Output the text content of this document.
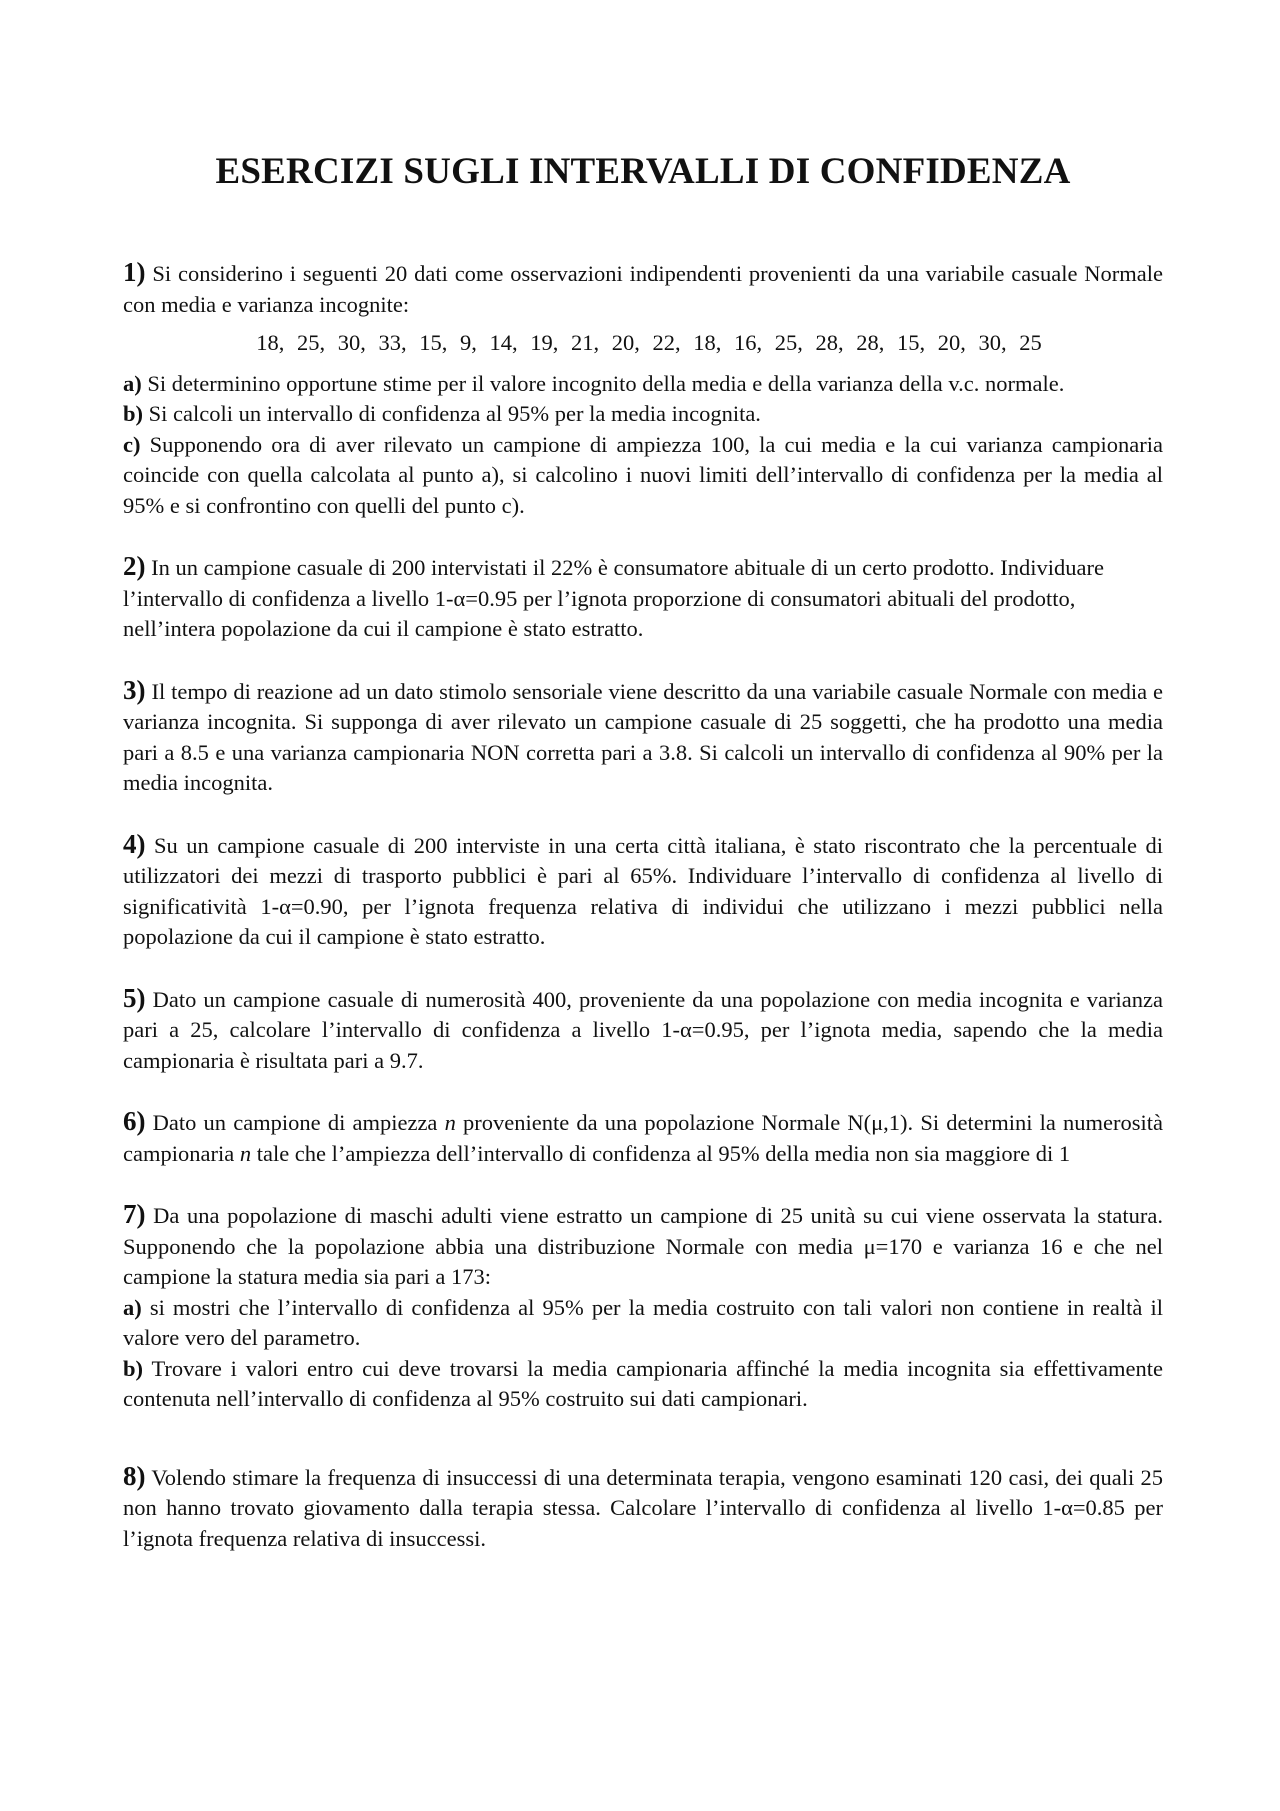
ESERCIZI SUGLI INTERVALLI DI CONFIDENZA

1) Si considerino i seguenti 20 dati come osservazioni indipendenti provenienti da una variabile casuale Normale con media e varianza incognite:

18, 25, 30, 33, 15, 9, 14, 19, 21, 20, 22, 18, 16, 25, 28, 28, 15, 20, 30, 25

a) Si determinino opportune stime per il valore incognito della media e della varianza della v.c. normale.

b) Si calcoli un intervallo di confidenza al 95% per la media incognita.

c) Supponendo ora di aver rilevato un campione di ampiezza 100, la cui media e la cui varianza campionaria coincide con quella calcolata al punto a), si calcolino i nuovi limiti dell’intervallo di confidenza per la media al 95% e si confrontino con quelli del punto c).

2) In un campione casuale di 200 intervistati il 22% è consumatore abituale di un certo prodotto. Individuare l’intervallo di confidenza a livello 1-α=0.95 per l’ignota proporzione di consumatori abituali del prodotto, nell’intera popolazione da cui il campione è stato estratto.

3) Il tempo di reazione ad un dato stimolo sensoriale viene descritto da una variabile casuale Normale con media e varianza incognita. Si supponga di aver rilevato un campione casuale di 25 soggetti, che ha prodotto una media pari a 8.5 e una varianza campionaria NON corretta pari a 3.8. Si calcoli un intervallo di confidenza al 90% per la media incognita.

4) Su un campione casuale di 200 interviste in una certa città italiana, è stato riscontrato che la percentuale di utilizzatori dei mezzi di trasporto pubblici è pari al 65%. Individuare l’intervallo di confidenza al livello di significatività 1-α=0.90, per l’ignota frequenza relativa di individui che utilizzano i mezzi pubblici nella popolazione da cui il campione è stato estratto.

5) Dato un campione casuale di numerosità 400, proveniente da una popolazione con media incognita e varianza pari a 25, calcolare l’intervallo di confidenza a livello 1-α=0.95, per l’ignota media, sapendo che la media campionaria è risultata pari a 9.7.

6) Dato un campione di ampiezza n proveniente da una popolazione Normale N(μ,1). Si determini la numerosità campionaria n tale che l’ampiezza dell’intervallo di confidenza al 95% della media non sia maggiore di 1

7) Da una popolazione di maschi adulti viene estratto un campione di 25 unità su cui viene osservata la statura. Supponendo che la popolazione abbia una distribuzione Normale con media μ=170 e varianza 16 e che nel campione la statura media sia pari a 173:

a) si mostri che l’intervallo di confidenza al 95% per la media costruito con tali valori non contiene in realtà il valore vero del parametro.

b) Trovare i valori entro cui deve trovarsi la media campionaria affinché la media incognita sia effettivamente contenuta nell’intervallo di confidenza al 95% costruito sui dati campionari.

8) Volendo stimare la frequenza di insuccessi di una determinata terapia, vengono esaminati 120 casi, dei quali 25 non hanno trovato giovamento dalla terapia stessa. Calcolare l’intervallo di confidenza al livello 1-α=0.85 per l’ignota frequenza relativa di insuccessi.
